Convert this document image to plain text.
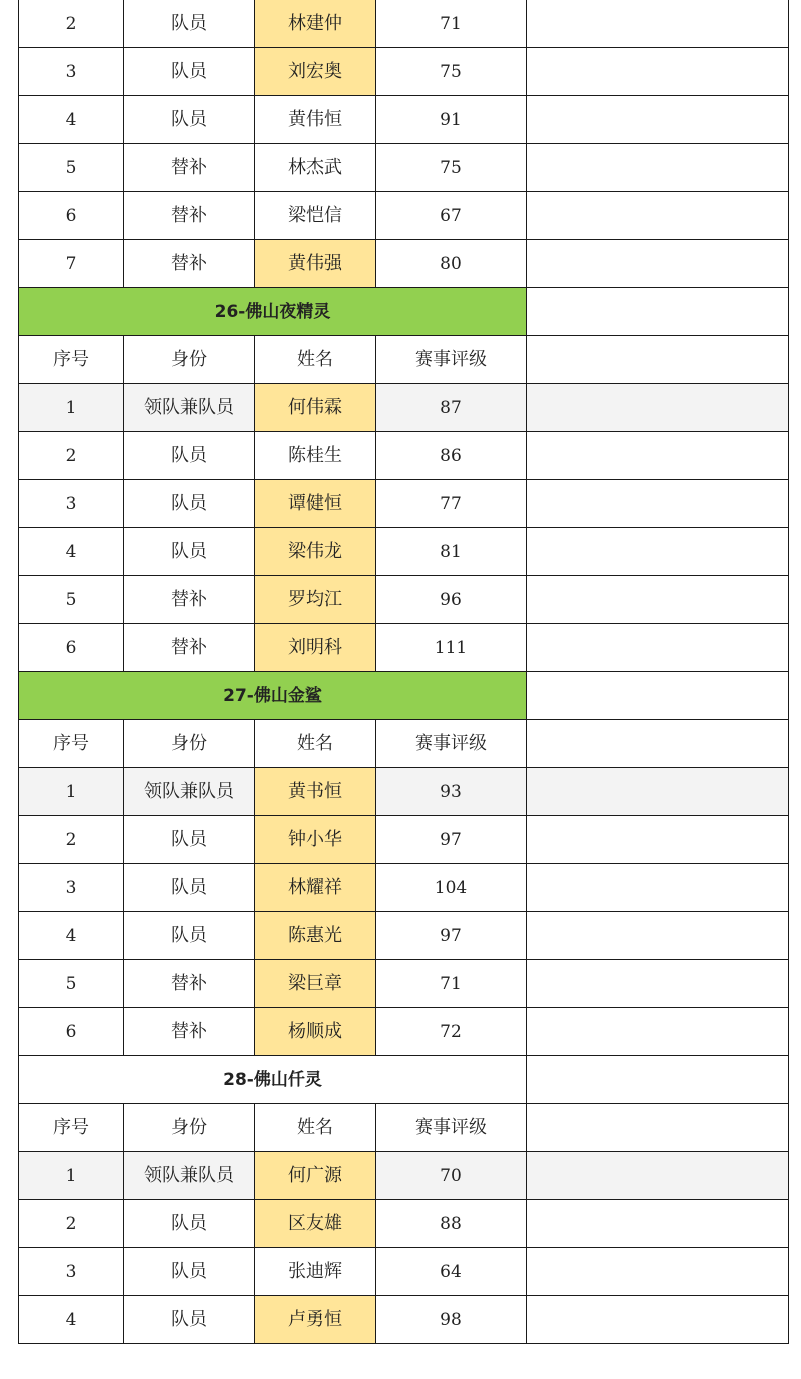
2	队员	林建仲	71	
3	队员	刘宏奥	75	
4	队员	黄伟恒	91	
5	替补	林杰武	75	
6	替补	梁恺信	67	
7	替补	黄伟强	80	
26-佛山夜精灵				
序号	身份	姓名	赛事评级	
1	领队兼队员	何伟霖	87	
2	队员	陈桂生	86	
3	队员	谭健恒	77	
4	队员	梁伟龙	81	
5	替补	罗均江	96	
6	替补	刘明科	111	
27-佛山金鲨				
序号	身份	姓名	赛事评级	
1	领队兼队员	黄书恒	93	
2	队员	钟小华	97	
3	队员	林耀祥	104	
4	队员	陈惠光	97	
5	替补	梁巨章	71	
6	替补	杨顺成	72	
28-佛山仟灵				
序号	身份	姓名	赛事评级	
1	领队兼队员	何广源	70	
2	队员	区友雄	88	
3	队员	张迪辉	64	
4	队员	卢勇恒	98	
